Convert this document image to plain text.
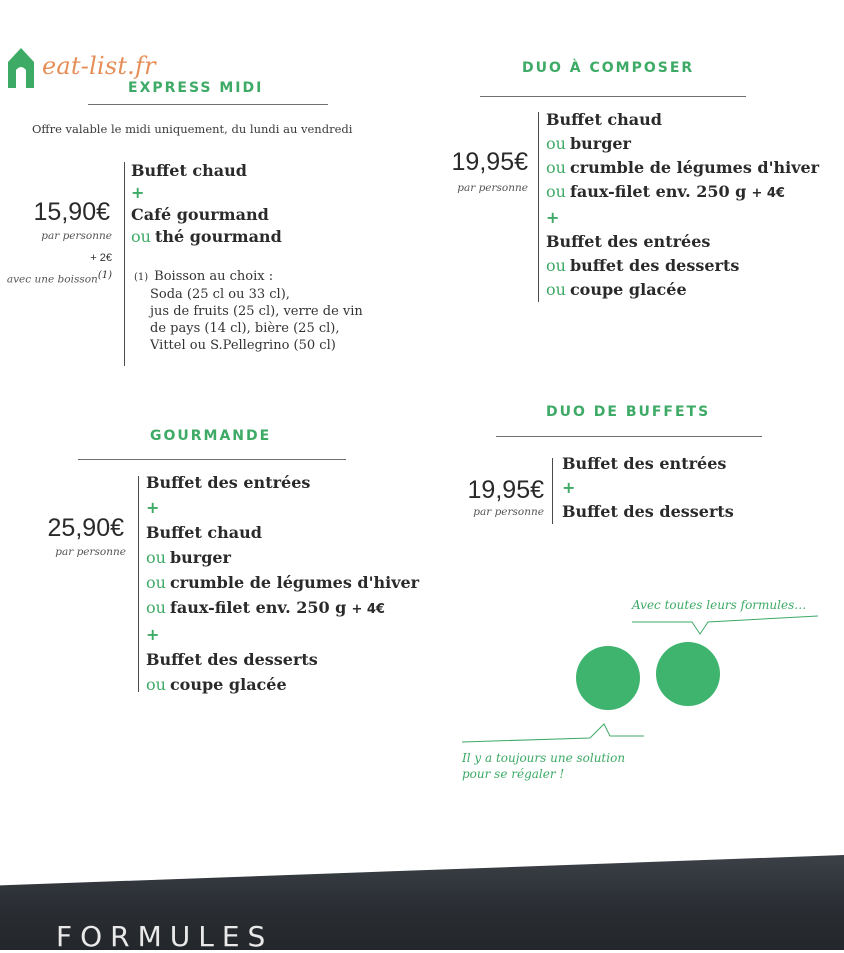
eat-list.fr
EXPRESS MIDI
Offre valable le midi uniquement, du lundi au vendredi
15,90€
par personne
+ 2€
avec une boisson$^{(1)}$
Buffet chaud
+
Café gourmand
ou thé gourmand
(1) Boisson au choix :
Soda (25 cl ou 33 cl),
jus de fruits (25 cl), verre de vin
de pays (14 cl), bière (25 cl),
Vittel ou S.Pellegrino (50 cl)
DUO À COMPOSER
19,95€
par personne
Buffet chaud
ou burger
ou crumble de légumes d'hiver
ou faux-filet env. 250 g + 4€
+
Buffet des entrées
ou buffet des desserts
ou coupe glacée
GOURMANDE
25,90€
par personne
Buffet des entrées
+
Buffet chaud
ou burger
ou crumble de légumes d'hiver
ou faux-filet env. 250 g + 4€
+
Buffet des desserts
ou coupe glacée
DUO DE BUFFETS
19,95€
par personne
Buffet des entrées
+
Buffet des desserts
Avec toutes leurs formules…
Il y a toujours une solution
pour se régaler !
FORMULES
